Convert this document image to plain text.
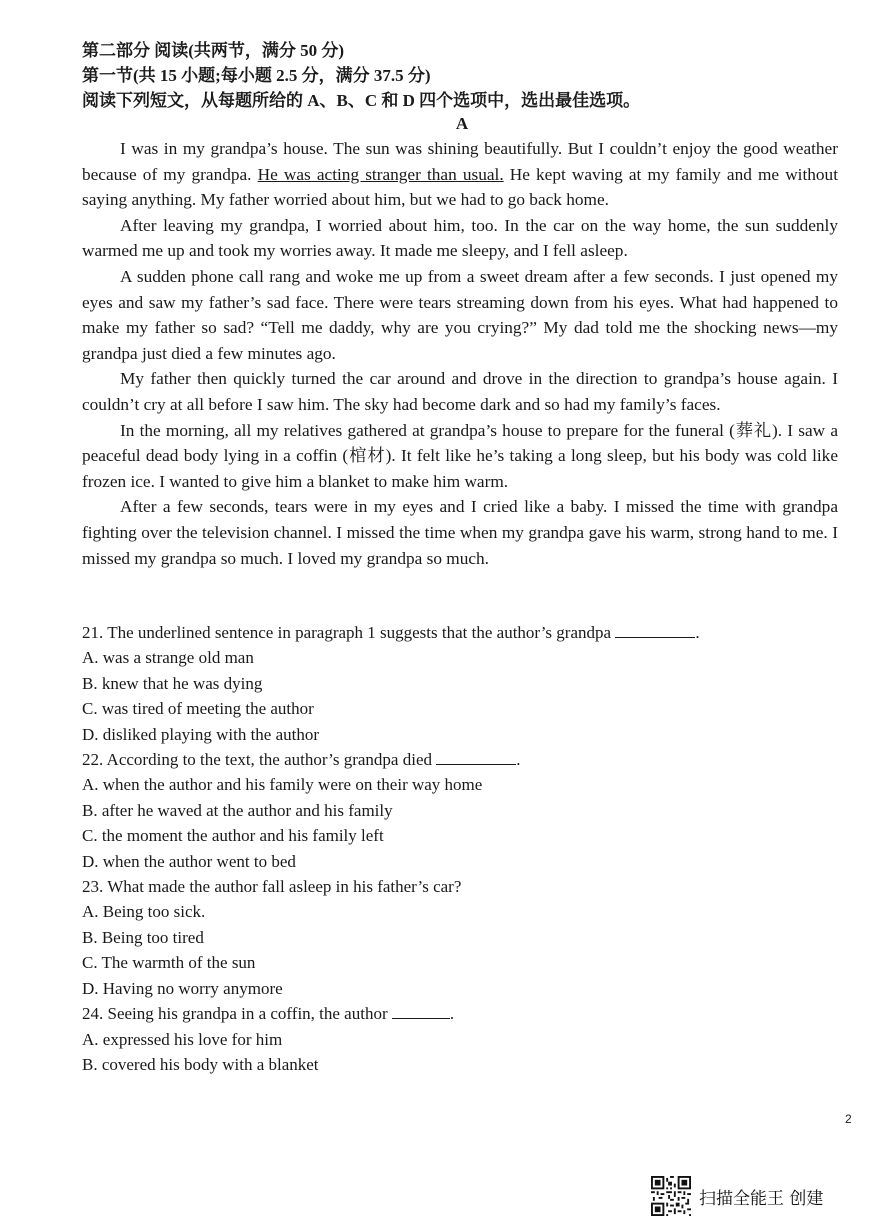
第二部分 阅读(共两节，满分 50 分)
第一节(共 15 小题;每小题 2.5 分，满分 37.5 分)
阅读下列短文，从每题所给的 A、B、C 和 D 四个选项中，选出最佳选项。
A

I was in my grandpa’s house. The sun was shining beautifully. But I couldn’t enjoy the good weather because of my grandpa. He was acting stranger than usual. He kept waving at my family and me without saying anything. My father worried about him, but we had to go back home.

After leaving my grandpa, I worried about him, too. In the car on the way home, the sun suddenly warmed me up and took my worries away. It made me sleepy, and I fell asleep.

A sudden phone call rang and woke me up from a sweet dream after a few seconds. I just opened my eyes and saw my father’s sad face. There were tears streaming down from his eyes. What had happened to make my father so sad? “Tell me daddy, why are you crying?” My dad told me the shocking news—my grandpa just died a few minutes ago.

My father then quickly turned the car around and drove in the direction to grandpa’s house again. I couldn’t cry at all before I saw him. The sky had become dark and so had my family’s faces.

In the morning, all my relatives gathered at grandpa’s house to prepare for the funeral (葬礼). I saw a peaceful dead body lying in a coffin (棺材). It felt like he’s taking a long sleep, but his body was cold like frozen ice. I wanted to give him a blanket to make him warm.

After a few seconds, tears were in my eyes and I cried like a baby. I missed the time with grandpa fighting over the television channel. I missed the time when my grandpa gave his warm, strong hand to me. I missed my grandpa so much. I loved my grandpa so much.

21. The underlined sentence in paragraph 1 suggests that the author’s grandpa	.
A. was a strange old man
B. knew that he was dying
C. was tired of meeting the author
D. disliked playing with the author
22. According to the text, the author’s grandpa died	.
A. when the author and his family were on their way home
B. after he waved at the author and his family
C. the moment the author and his family left
D. when the author went to bed
23. What made the author fall asleep in his father’s car?
A. Being too sick.
B. Being too tired
C. The warmth of the sun
D. Having no worry anymore
24. Seeing his grandpa in a coffin, the author	.
A. expressed his love for him
B. covered his body with a blanket
2
扫描全能王 创建
